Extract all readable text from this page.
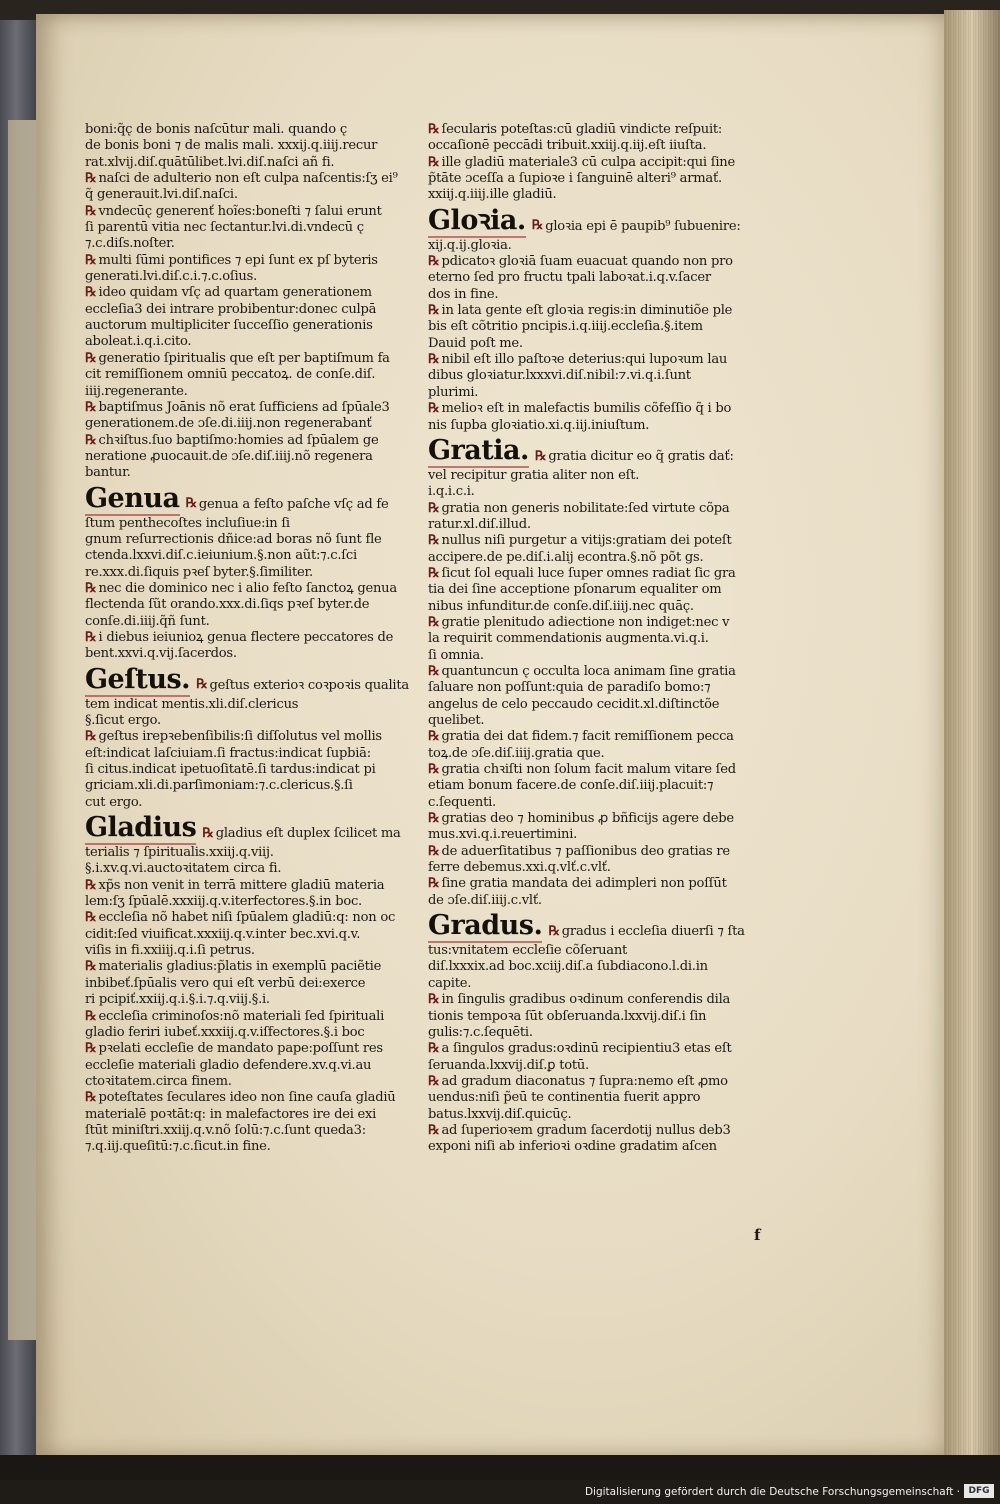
boni:q̃c̨ de bonis naſcūtur mali. quando c̨
de bonis boni ⁊ de malis mali. xxxij.q.iiij.recur
rat.xlvij.diſ.quātūlibet.lvi.diſ.naſci añ fi.
℞ naſci de adulterio non eſt culpa naſcentis:ſʒ ei⁹
q̃ generauit.lvi.diſ.naſci.
℞ vndecūc̨ generenť hoĩes:boneſti ⁊ ſalui erunt
ſi parentū vitia nec ſectantur.lvi.di.vndecū c̨
⁊.c.diſs.noſter.
℞ multi ſūmi pontifices ⁊ epi ſunt ex pſ byteris
generati.lvi.diſ.c.i.⁊.c.oſius.
℞ ideo quidam vſc̨ ad quartam generationem
eccleſia3 dei intrare probibentur:donec culpā
auctorum multipliciter ſucceſſio generationis
aboleat.i.q.i.cito.
℞ generatio ſpiritualis que eſt per baptiſmum fa
cit remiſſionem omniū peccatoꝝ. de conſe.diſ.
iiij.regenerante.
℞ baptiſmus Joānis nõ erat ſufficiens ad ſpūale3
generationem.de ɔſe.di.iiij.non regenerabanť
℞ chꝛiſtus.ſuo baptiſmo:homies ad ſpūalem ge
neratione ꝓuocauit.de ɔſe.diſ.iiij.nõ regenera
bantur.
Genua ℞ genua a feſto paſche vſc̨ ad fe
ſtum penthecoſtes incluſiue:in ſi
gnum reſurrectionis dñice:ad boras nõ ſunt fle
ctenda.lxxvi.diſ.c.ieiunium.§.non aũt:⁊.c.ſci
re.xxx.di.ſiquis pꝛeſ byter.§.ſimiliter.
℞ nec die dominico nec i alio feſto ſanctoꝝ genua
flectenda ſũt orando.xxx.di.ſiqs pꝛeſ byter.de
conſe.di.iiij.q̃ñ ſunt.
℞ i diebus ieiunioꝝ genua flectere peccatores de
bent.xxvi.q.vij.ſacerdos.
Geſtus. ℞ geſtus exterioꝛ coꝛpoꝛis qualita
tem indicat mentis.xli.diſ.clericus
§.ſicut ergo.
℞ geſtus irepꝛebenſibilis:ſi diſſolutus vel mollis
eſt:indicat laſciuiam.ſi fractus:indicat ſupbiā:
ſi citus.indicat ipetuoſitatē.ſi tardus:indicat pi
griciam.xli.di.parſimoniam:⁊.c.clericus.§.ſi
cut ergo.
Gladius ℞ gladius eſt duplex ſcilicet ma
terialis ⁊ ſpiritualis.xxiij.q.viij.
§.i.xv.q.vi.auctoꝛitatem circa fi.
℞ xp̃s non venit in terrā mittere gladiū materia
lem:ſʒ ſpūalē.xxxiij.q.v.iterfectores.§.in boc.
℞ eccleſia nõ habet niſi ſpūalem gladiū:q: non oc
cidit:ſed viuificat.xxxiij.q.v.inter bec.xvi.q.v.
viſis in fi.xxiiij.q.i.ſi petrus.
℞ materialis gladius:p̃latis in exemplū paciẽtie
inbibeť.ſpūalis vero qui eſt verbū dei:exerce
ri pcipiť.xxiij.q.i.§.i.⁊.q.viij.§.i.
℞ eccleſia criminoſos:nõ materiali ſed ſpirituali
gladio feriri iubeť.xxxiij.q.v.iſfectores.§.i boc
℞ pꝛelati eccleſie de mandato pape:poſſunt res
eccleſie materiali gladio defendere.xv.q.vi.au
ctoꝛitatem.circa finem.
℞ poteſtates ſeculares ideo non ſine cauſa gladiū
materialē poꝛtāt:q: in malefactores ire dei exi
ſtūt miniſtri.xxiij.q.v.nõ ſolū:⁊.c.ſunt queda3:
⁊.q.iij.queſitū:⁊.c.ſicut.in fine.
℞ ſecularis poteſtas:cū gladiū vindicte reſpuit:
occaſionē peccādi tribuit.xxiij.q.iij.eſt iiuſta.
℞ ille gladiū materiale3 cū culpa accipit:qui ſine
p̃tāte ɔceſſa a ſupioꝛe i ſanguinē alteri⁹ armať.
xxiij.q.iiij.ille gladiū.
Gloꝛia. ℞ gloꝛia epi ē paupib⁹ ſubuenire:
xij.q.ij.gloꝛia.
℞ pdicatoꝛ gloꝛiā ſuam euacuat quando non pro
eterno ſed pro fructu tpali laboꝛat.i.q.v.ſacer
dos in fine.
℞ in lata gente eſt gloꝛia regis:in diminutiõe ple
bis eſt cõtritio pncipis.i.q.iiij.eccleſia.§.item
Dauid poſt me.
℞ nibil eſt illo paſtoꝛe deterius:qui lupoꝛum lau
dibus gloꝛiatur.lxxxvi.diſ.nibil:⁊.vi.q.i.ſunt
plurimi.
℞ melioꝛ eſt in malefactis bumilis cõfeſſio q̃ i bo
nis ſupba gloꝛiatio.xi.q.iij.iniuſtum.
Gratia. ℞ gratia dicitur eo q̃ gratis dať:
vel recipitur gratia aliter non eſt.
i.q.i.c.i.
℞ gratia non generis nobilitate:ſed virtute cõpa
ratur.xl.diſ.illud.
℞ nullus niſi purgetur a vitijs:gratiam dei poteſt
accipere.de pe.diſ.i.alij econtra.§.nõ põt gs.
℞ ſicut ſol equali luce ſuper omnes radiat ſic gra
tia dei ſine acceptione pſonarum equaliter om
nibus infunditur.de conſe.diſ.iiij.nec quāc̨.
℞ gratie plenitudo adiectione non indiget:nec v
la requirit commendationis augmenta.vi.q.i.
ſi omnia.
℞ quantuncun c̨ occulta loca animam ſine gratia
ſaluare non poſſunt:quia de paradiſo bomo:⁊
angelus de celo peccaudo cecidit.xl.diſtinctõe
quelibet.
℞ gratia dei dat fidem.⁊ facit remiſſionem pecca
toꝝ.de ɔſe.diſ.iiij.gratia que.
℞ gratia chꝛiſti non ſolum facit malum vitare ſed
etiam bonum facere.de conſe.diſ.iiij.placuit:⁊
c.ſequenti.
℞ gratias deo ⁊ hominibus ꝓ bñficijs agere debe
mus.xvi.q.i.reuertimini.
℞ de aduerſitatibus ⁊ paſſionibus deo gratias re
ferre debemus.xxi.q.vlť.c.vlť.
℞ ſine gratia mandata dei adimpleri non poſſūt
de ɔſe.diſ.iiij.c.vlť.
Gradus. ℞ gradus i eccleſia diuerſi ⁊ ſta
tus:vnitatem eccleſie cõſeruant
diſ.lxxxix.ad boc.xciij.diſ.a ſubdiacono.l.di.in
capite.
℞ in ſingulis gradibus oꝛdinum conferendis dila
tionis tempoꝛa ſūt obſeruanda.lxxvij.diſ.i ſin
gulis:⁊.c.ſequēti.
℞ a ſingulos gradus:oꝛdinū recipientiu3 etas eſt
ſeruanda.lxxvij.diſ.ꝑ totū.
℞ ad gradum diaconatus ⁊ ſupra:nemo eſt ꝓmo
uendus:niſi p̃eū te continentia fuerit appro
batus.lxxvij.diſ.quicūc̨.
℞ ad ſuperioꝛem gradum ſacerdotij nullus deb3
exponi niſi ab inferioꝛi oꝛdine gradatim aſcen
f
Digitalisierung gefördert durch die Deutsche Forschungsgemeinschaft · DFG
